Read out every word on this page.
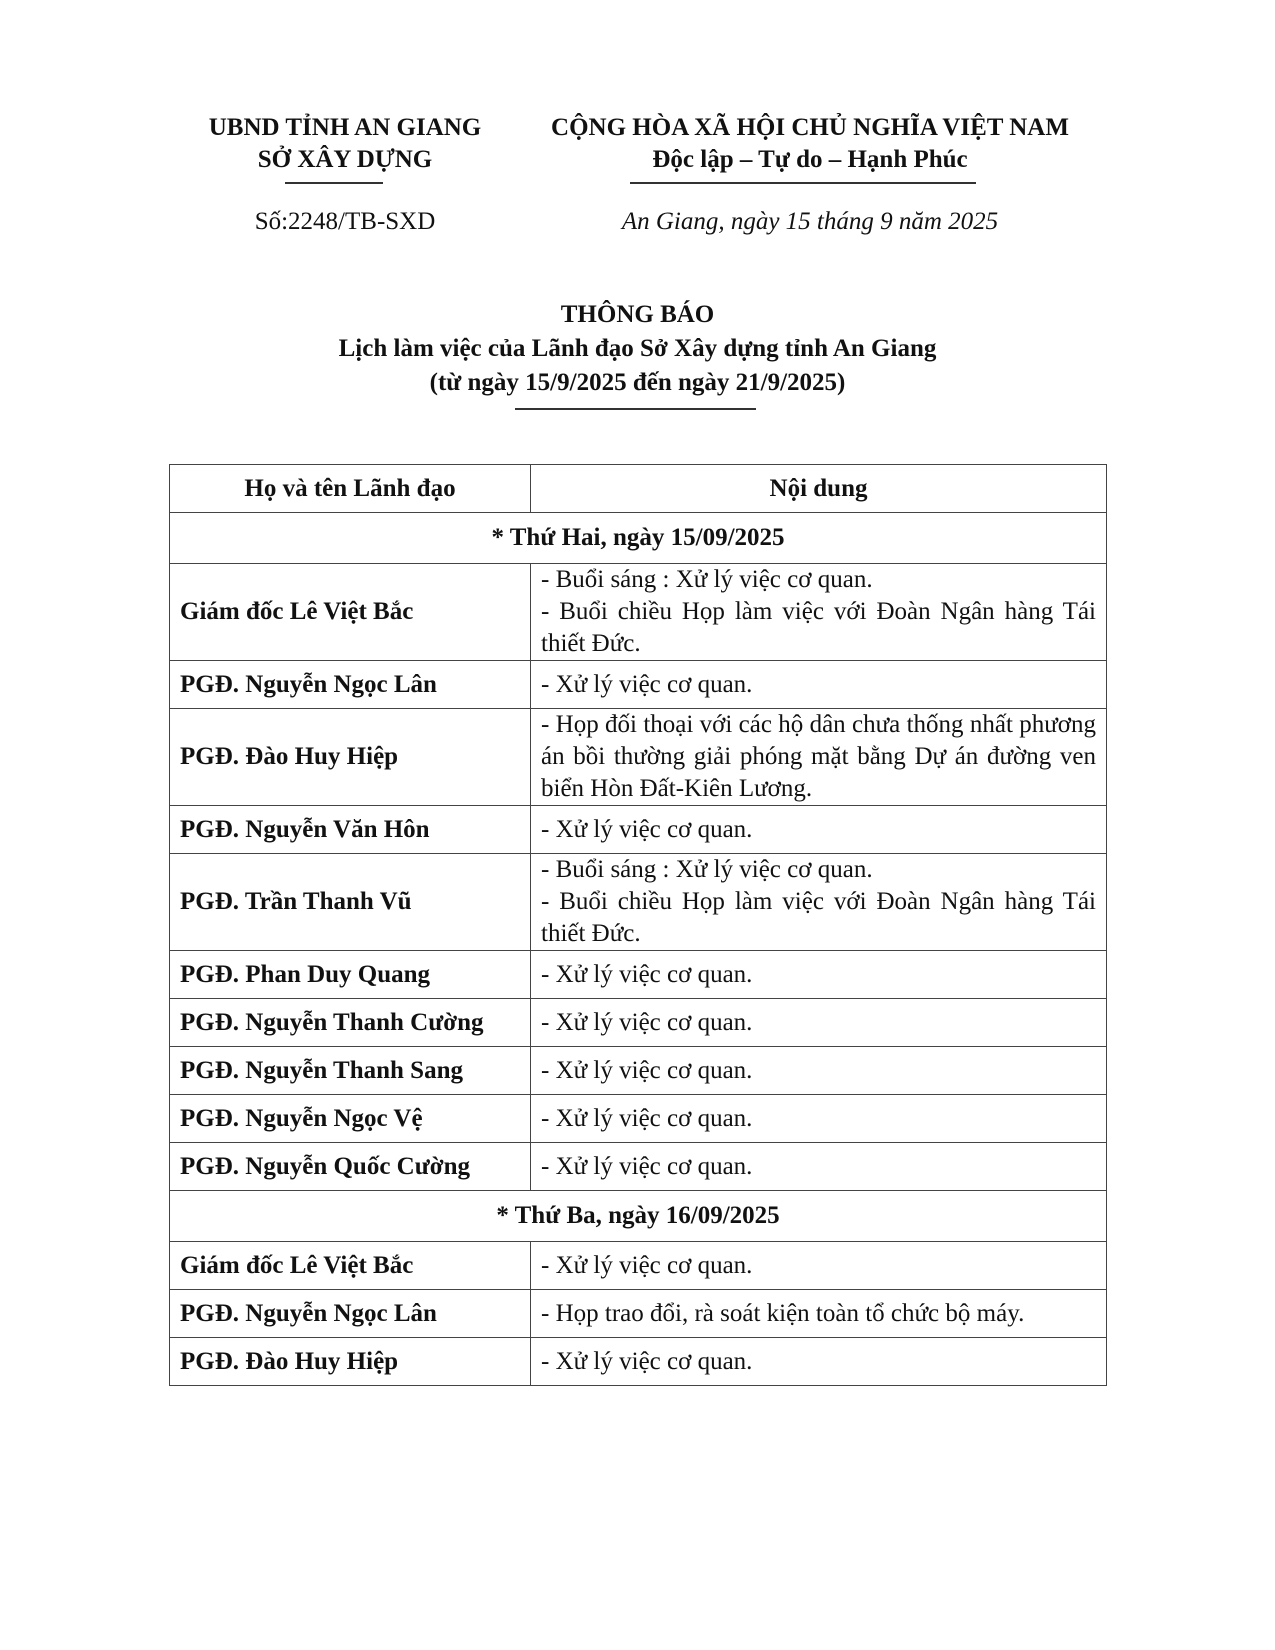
UBND TỈNH AN GIANG
SỞ XÂY DỰNG
CỘNG HÒA XÃ HỘI CHỦ NGHĨA VIỆT NAM
Độc lập – Tự do – Hạnh Phúc
Số:2248/TB-SXD	An Giang, ngày 15 tháng 9 năm 2025
THÔNG BÁO
Lịch làm việc của Lãnh đạo Sở Xây dựng tỉnh An Giang
(từ ngày 15/9/2025 đến ngày 21/9/2025)
Họ và tên Lãnh đạo	Nội dung
* Thứ Hai, ngày 15/09/2025	
Giám đốc Lê Việt Bắc	- Buổi sáng : Xử lý việc cơ quan.
- Buổi chiều Họp làm việc với Đoàn Ngân hàng Tái thiết Đức.

PGĐ. Nguyễn Ngọc Lân	- Xử lý việc cơ quan.

PGĐ. Đào Huy Hiệp	- Họp đối thoại với các hộ dân chưa thống nhất phương án bồi thường giải phóng mặt bằng Dự án đường ven biển Hòn Đất-Kiên Lương.

PGĐ. Nguyễn Văn Hôn	- Xử lý việc cơ quan.

PGĐ. Trần Thanh Vũ	- Buổi sáng : Xử lý việc cơ quan.
- Buổi chiều Họp làm việc với Đoàn Ngân hàng Tái thiết Đức.

PGĐ. Phan Duy Quang	- Xử lý việc cơ quan.

PGĐ. Nguyễn Thanh Cường	- Xử lý việc cơ quan.

PGĐ. Nguyễn Thanh Sang	- Xử lý việc cơ quan.

PGĐ. Nguyễn Ngọc Vệ	- Xử lý việc cơ quan.

PGĐ. Nguyễn Quốc Cường	- Xử lý việc cơ quan.

* Thứ Ba, ngày 16/09/2025	
Giám đốc Lê Việt Bắc	- Xử lý việc cơ quan.

PGĐ. Nguyễn Ngọc Lân	- Họp trao đổi, rà soát kiện toàn tổ chức bộ máy.

PGĐ. Đào Huy Hiệp	- Xử lý việc cơ quan.
